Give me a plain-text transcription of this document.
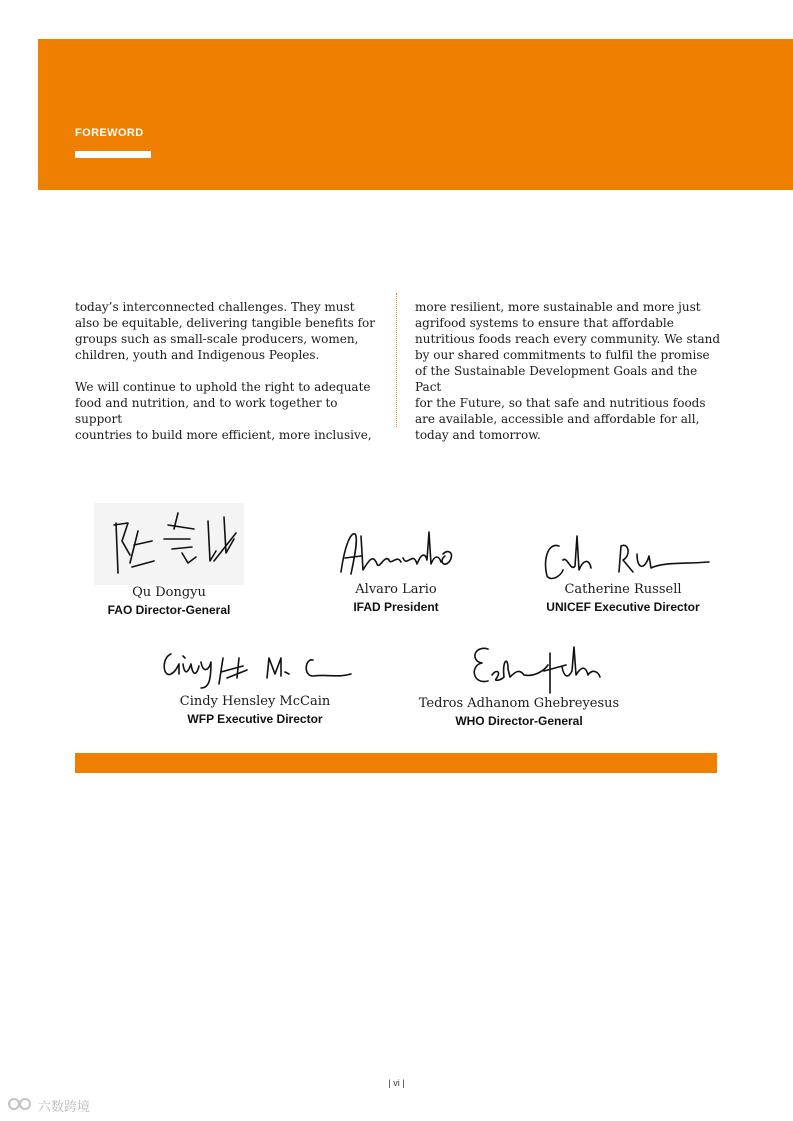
FOREWORD

today’s interconnected challenges. They must
also be equitable, delivering tangible benefits for
groups such as small-scale producers, women,
children, youth and Indigenous Peoples.

We will continue to uphold the right to adequate
food and nutrition, and to work together to support
countries to build more efficient, more inclusive,

more resilient, more sustainable and more just
agrifood systems to ensure that affordable
nutritious foods reach every community. We stand
by our shared commitments to fulfil the promise
of the Sustainable Development Goals and the Pact
for the Future, so that safe and nutritious foods
are available, accessible and affordable for all,
today and tomorrow.

Qu Dongyu
FAO Director-General
Alvaro Lario
IFAD President
Catherine Russell
UNICEF Executive Director
Cindy Hensley McCain
WFP Executive Director
Tedros Adhanom Ghebreyesus
WHO Director-General
| vi |
六数跨境
